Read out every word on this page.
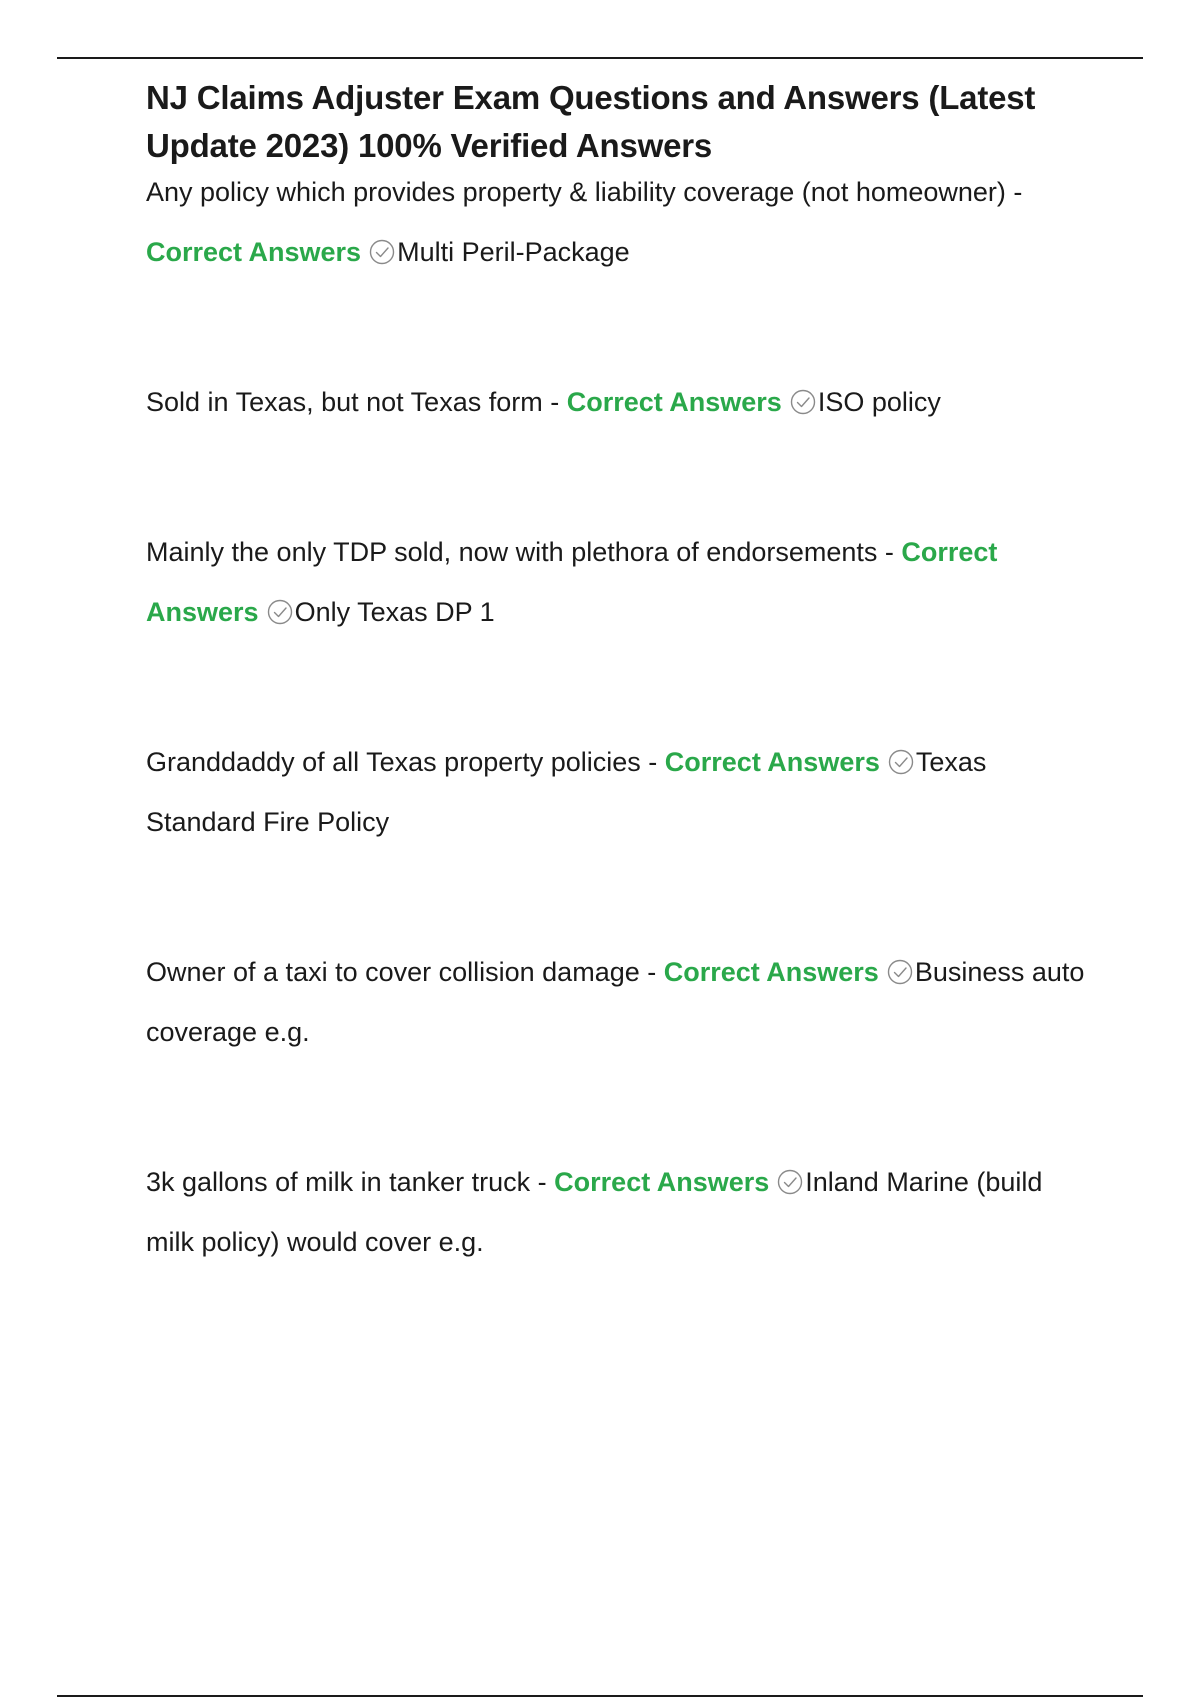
NJ Claims Adjuster Exam Questions and Answers (Latest Update 2023) 100% Verified Answers

Any policy which provides property & liability coverage (not homeowner) - Correct Answers Multi Peril-Package

Sold in Texas, but not Texas form - Correct Answers ISO policy

Mainly the only TDP sold, now with plethora of endorsements - Correct Answers Only Texas DP 1

Granddaddy of all Texas property policies - Correct Answers Texas Standard Fire Policy

Owner of a taxi to cover collision damage - Correct Answers Business auto coverage e.g.

3k gallons of milk in tanker truck - Correct Answers Inland Marine (build milk policy) would cover e.g.
